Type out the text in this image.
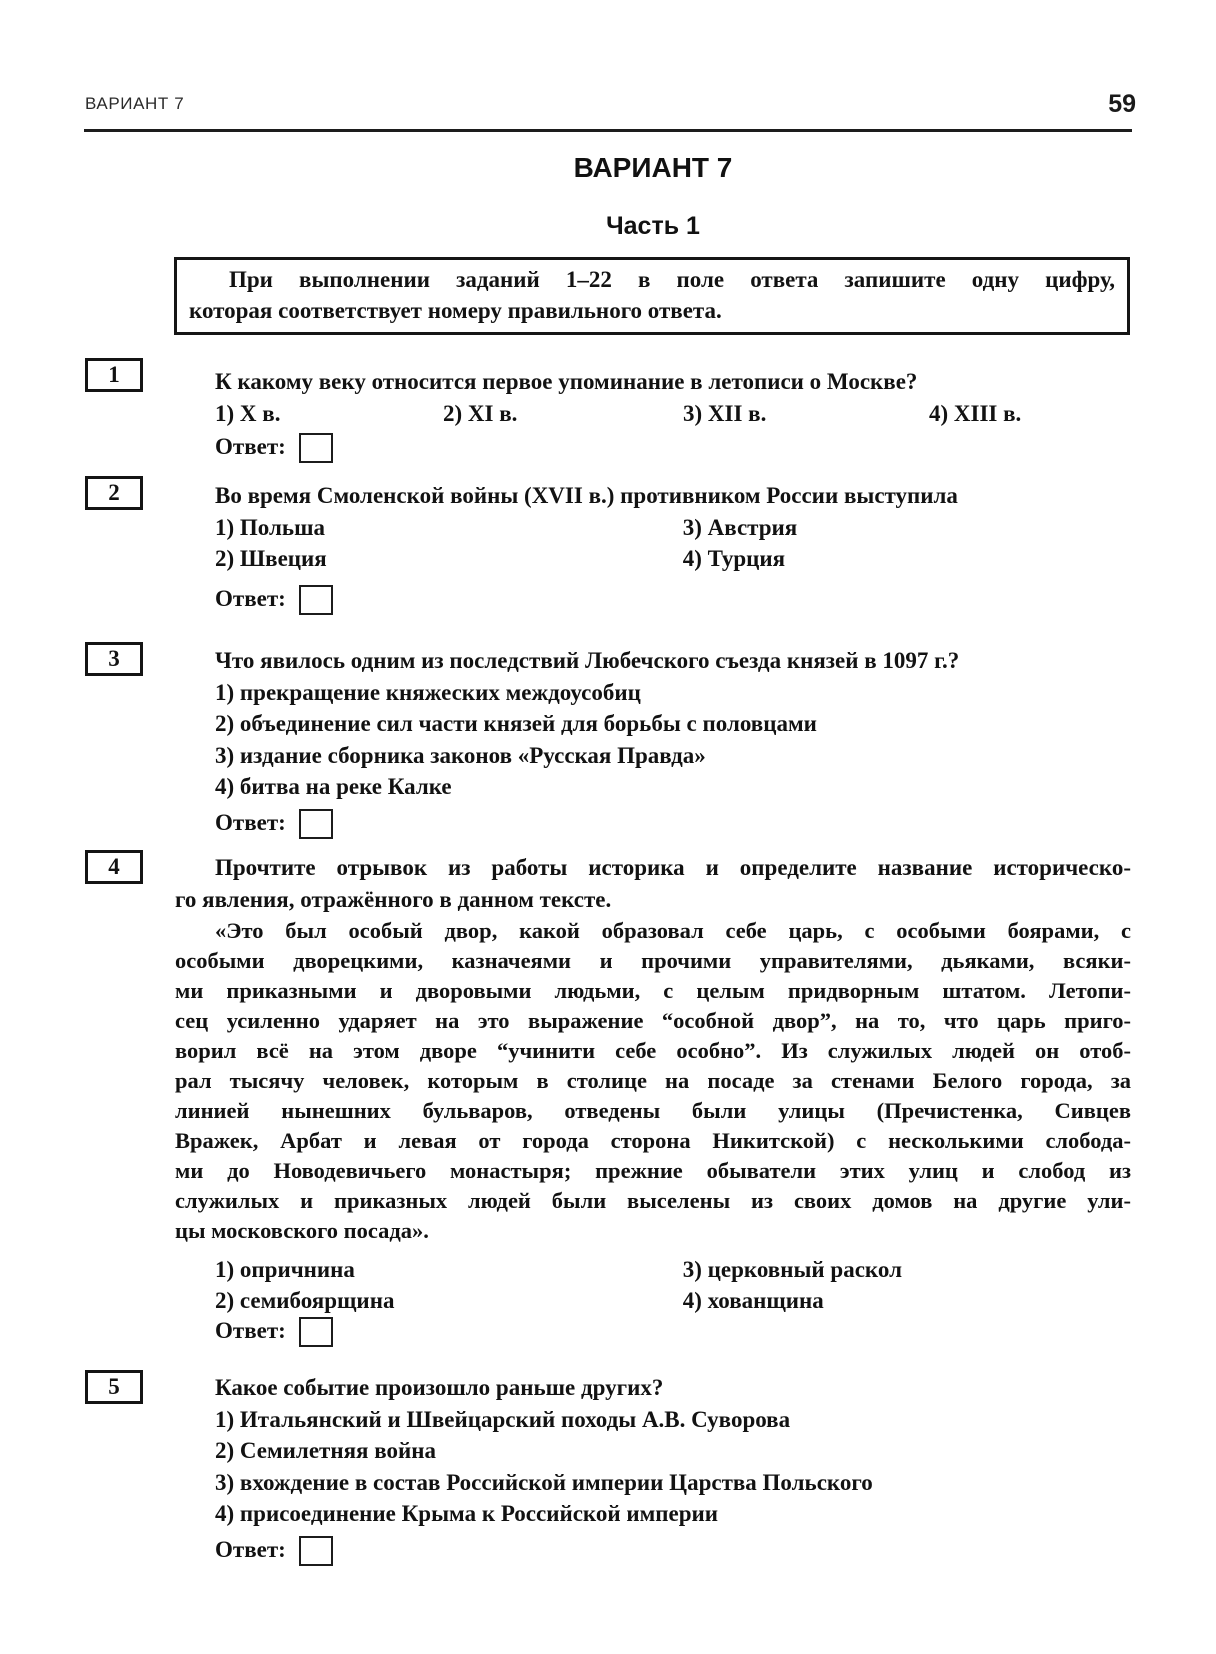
ВАРИАНТ 7	59
ВАРИАНТ 7
Часть 1
При выполнении заданий 1–22 в поле ответа запишите одну цифру,
которая соответствует номеру правильного ответа.
1	К какому веку относится первое упоминание в летописи о Москве?
1) X в.	2) XI в.	3) XII в.	4) XIII в.
Ответ:
2	Во время Смоленской войны (XVII в.) противником России выступила
1) Польша	3) Австрия
2) Швеция	4) Турция
Ответ:
3	Что явилось одним из последствий Любечского съезда князей в 1097 г.?
1) прекращение княжеских междоусобиц
2) объединение сил части князей для борьбы с половцами
3) издание сборника законов «Русская Правда»
4) битва на реке Калке
Ответ:
4	Прочтите отрывок из работы историка и определите название историческо-
го явления, отражённого в данном тексте.
«Это был особый двор, какой образовал себе царь, с особыми боярами, с
особыми дворецкими, казначеями и прочими управителями, дьяками, всяки-
ми приказными и дворовыми людьми, с целым придворным штатом. Летопи-
сец усиленно ударяет на это выражение “особной двор”, на то, что царь приго-
ворил всё на этом дворе “учинити себе особно”. Из служилых людей он отоб-
рал тысячу человек, которым в столице на посаде за стенами Белого города, за
линией нынешних бульваров, отведены были улицы (Пречистенка, Сивцев
Вражек, Арбат и левая от города сторона Никитской) с несколькими слобода-
ми до Новодевичьего монастыря; прежние обыватели этих улиц и слобод из
служилых и приказных людей были выселены из своих домов на другие ули-
цы московского посада».
1) опричнина	3) церковный раскол
2) семибоярщина	4) хованщина
Ответ:
5	Какое событие произошло раньше других?
1) Итальянский и Швейцарский походы А.В. Суворова
2) Семилетняя война
3) вхождение в состав Российской империи Царства Польского
4) присоединение Крыма к Российской империи
Ответ:
